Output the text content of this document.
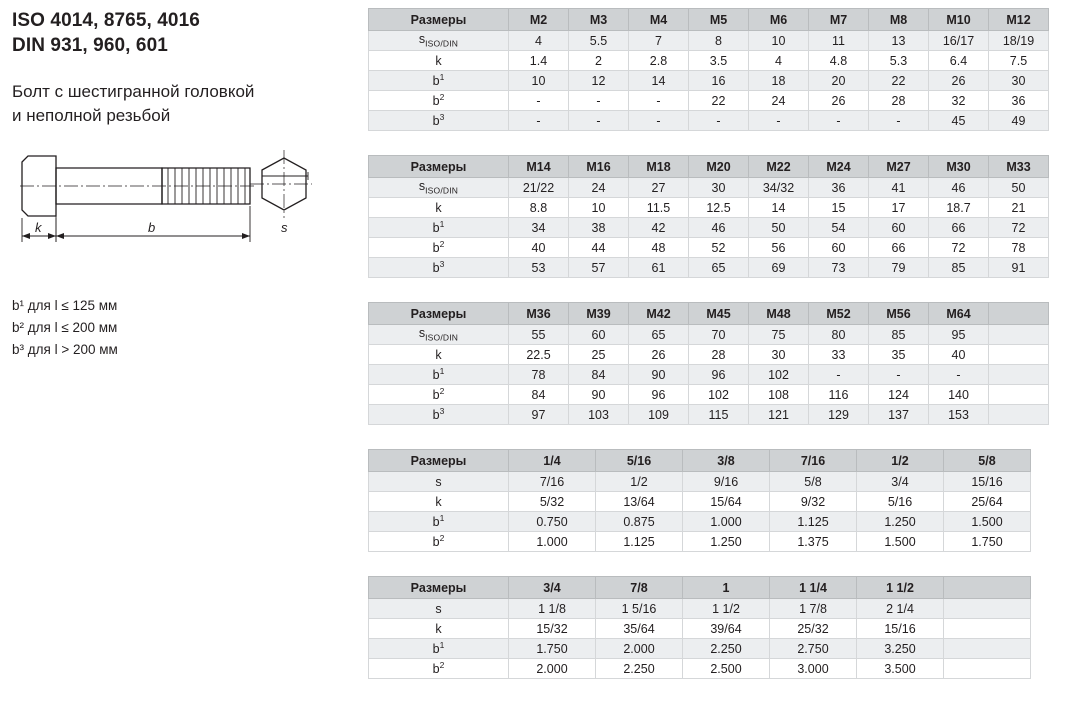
ISO 4014, 8765, 4016
DIN 931, 960, 601
Болт с шестигранной головкой
и неполной резьбой
k	b	s
b¹ для l ≤ 125 мм
b² для l ≤ 200 мм
b³ для l > 200 мм
Размеры	M2	M3	M4	M5	M6	M7	M8	M10	M12
$s_{ISO/DIN}$	4	5.5	7	8	10	11	13	16/17	18/19
k	1.4	2	2.8	3.5	4	4.8	5.3	6.4	7.5
$b^1$	10	12	14	16	18	20	22	26	30
$b^2$	-	-	-	22	24	26	28	32	36
$b^3$	-	-	-	-	-	-	-	45	49
Размеры	M14	M16	M18	M20	M22	M24	M27	M30	M33
$s_{ISO/DIN}$	21/22	24	27	30	34/32	36	41	46	50
k	8.8	10	11.5	12.5	14	15	17	18.7	21
$b^1$	34	38	42	46	50	54	60	66	72
$b^2$	40	44	48	52	56	60	66	72	78
$b^3$	53	57	61	65	69	73	79	85	91
Размеры	M36	M39	M42	M45	M48	M52	M56	M64	
$s_{ISO/DIN}$	55	60	65	70	75	80	85	95	
k	22.5	25	26	28	30	33	35	40	
$b^1$	78	84	90	96	102	-	-	-	
$b^2$	84	90	96	102	108	116	124	140	
$b^3$	97	103	109	115	121	129	137	153	
Размеры	1/4	5/16	3/8	7/16	1/2	5/8
s	7/16	1/2	9/16	5/8	3/4	15/16
k	5/32	13/64	15/64	9/32	5/16	25/64
$b^1$	0.750	0.875	1.000	1.125	1.250	1.500
$b^2$	1.000	1.125	1.250	1.375	1.500	1.750
Размеры	3/4	7/8	1	1 1/4	1 1/2	
s	1 1/8	1 5/16	1 1/2	1 7/8	2 1/4	
k	15/32	35/64	39/64	25/32	15/16	
$b^1$	1.750	2.000	2.250	2.750	3.250	
$b^2$	2.000	2.250	2.500	3.000	3.500	
